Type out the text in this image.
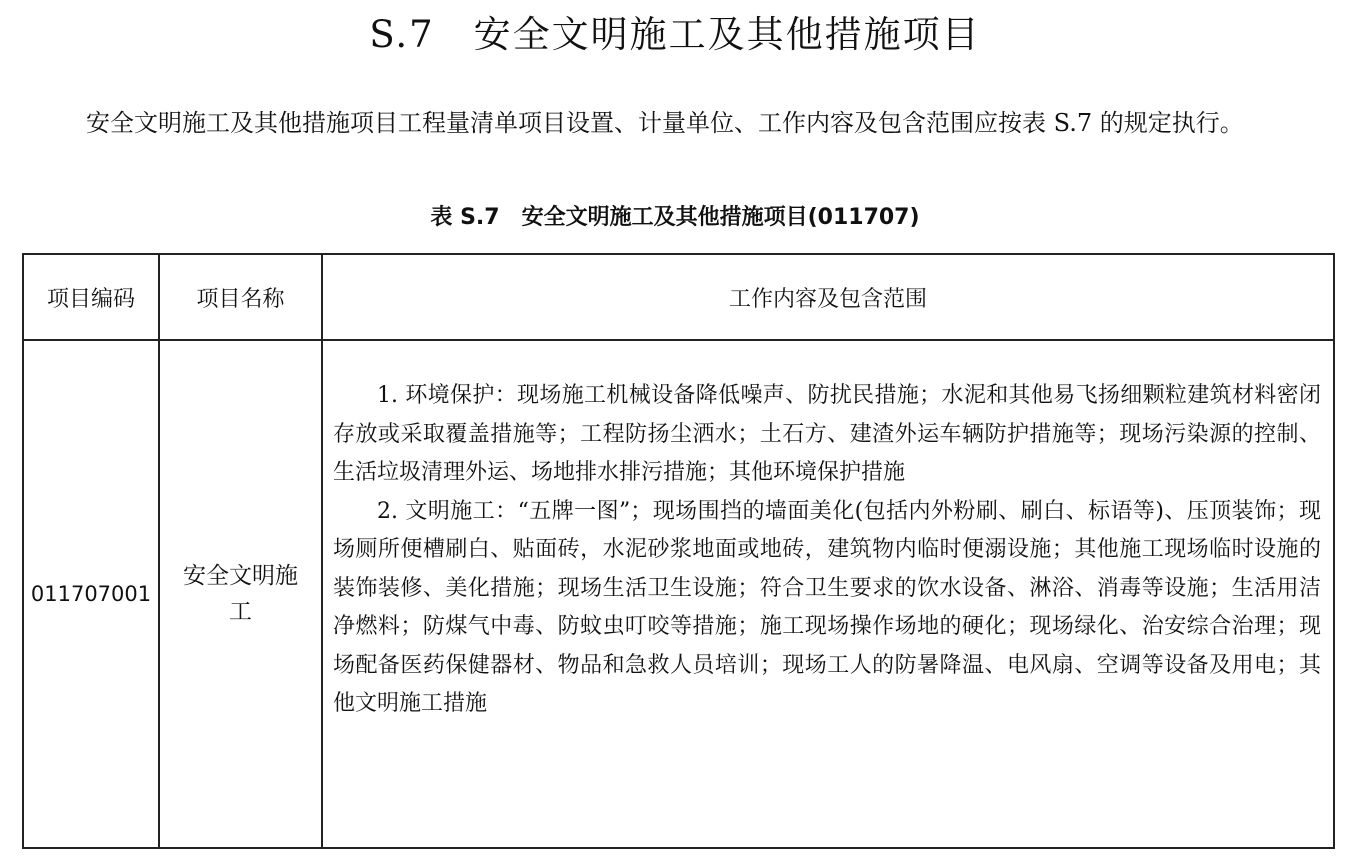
S.7　安全文明施工及其他措施项目

安全文明施工及其他措施项目工程量清单项目设置、计量单位、工作内容及包含范围应按表 S.7 的规定执行。

表 S.7　安全文明施工及其他措施项目(011707)
项目编码	项目名称	工作内容及包含范围
011707001	安全文明施工	1. 环境保护：现场施工机械设备降低噪声、防扰民措施；水泥和其他易飞扬细颗粒建筑材料密闭存放或采取覆盖措施等；工程防扬尘洒水；土石方、建渣外运车辆防护措施等；现场污染源的控制、生活垃圾清理外运、场地排水排污措施；其他环境保护措施

2. 文明施工：“五牌一图”；现场围挡的墙面美化(包括内外粉刷、刷白、标语等)、压顶装饰；现场厕所便槽刷白、贴面砖，水泥砂浆地面或地砖，建筑物内临时便溺设施；其他施工现场临时设施的装饰装修、美化措施；现场生活卫生设施；符合卫生要求的饮水设备、淋浴、消毒等设施；生活用洁净燃料；防煤气中毒、防蚊虫叮咬等措施；施工现场操作场地的硬化；现场绿化、治安综合治理；现场配备医药保健器材、物品和急救人员培训；现场工人的防暑降温、电风扇、空调等设备及用电；其他文明施工措施
